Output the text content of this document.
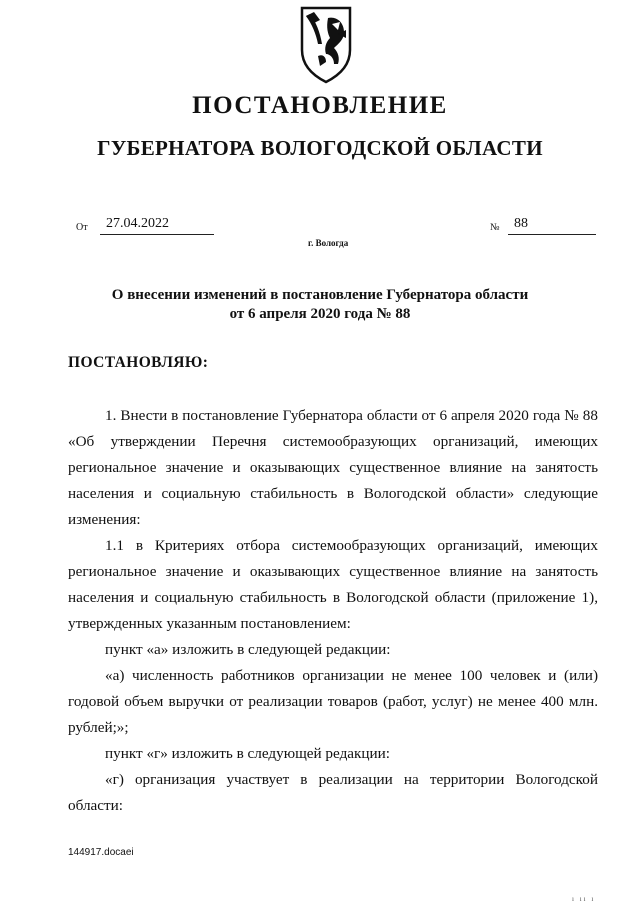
ПОСТАНОВЛЕНИЕ
ГУБЕРНАТОРА ВОЛОГОДСКОЙ ОБЛАСТИ
От	27.04.2022	№	88
г. Вологда
О внесении изменений в постановление Губернатора области
от 6 апреля 2020 года № 88
ПОСТАНОВЛЯЮ:

1. Внести в постановление Губернатора области от 6 апреля 2020 года № 88 «Об утверждении Перечня системообразующих организаций, имеющих региональное значение и оказывающих существенное влияние на занятость населения и социальную стабильность в Вологодской области» следующие изменения:

1.1 в Критериях отбора системообразующих организаций, имеющих региональное значение и оказывающих существенное влияние на занятость населения и социальную стабильность в Вологодской области (приложение 1), утвержденных указанным постановлением:

пункт «а» изложить в следующей редакции:

«а) численность работников организации не менее 100 человек и (или) годовой объем выручки от реализации товаров (работ, услуг) не менее 400 млн. рублей;»;

пункт «г» изложить в следующей редакции:

«г) организация участвует в реализации на территории Вологодской области:

144917.docaei
ı ıı ı
